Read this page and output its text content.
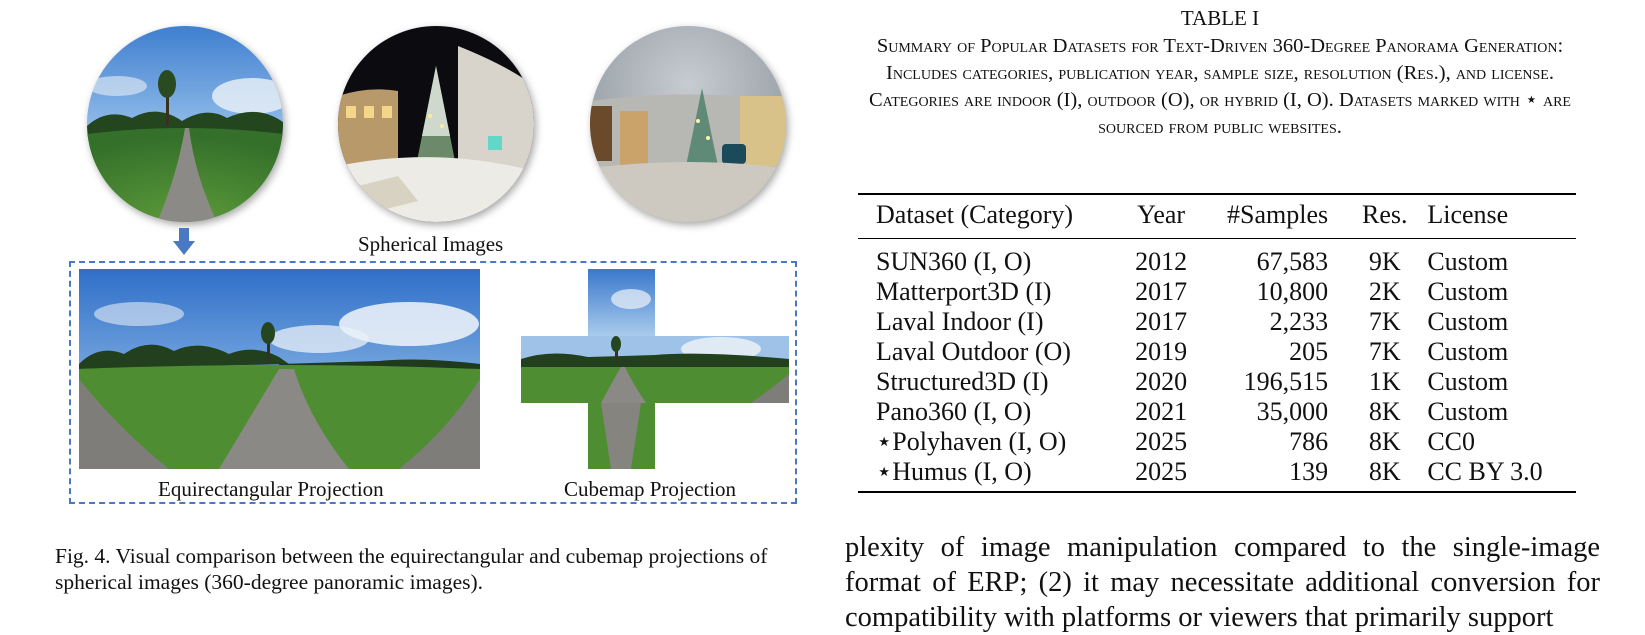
Spherical Images
Equirectangular Projection	Cubemap Projection
Fig. 4. Visual comparison between the equirectangular and cubemap projections of spherical images (360-degree panoramic images).
TABLE I
Summary of Popular Datasets for Text-Driven 360-Degree Panorama Generation: Includes categories, publication year, sample size, resolution (Res.), and license. Categories are indoor (I), outdoor (O), or hybrid (I, O). Datasets marked with ⋆ are sourced from public websites.
Dataset (Category)	Year	#Samples	Res.	License
SUN360 (I, O)	2012	67,583	9K	Custom
Matterport3D (I)	2017	10,800	2K	Custom
Laval Indoor (I)	2017	2,233	7K	Custom
Laval Outdoor (O)	2019	205	7K	Custom
Structured3D (I)	2020	196,515	1K	Custom
Pano360 (I, O)	2021	35,000	8K	Custom
⋆Polyhaven (I, O)	2025	786	8K	CC0
⋆Humus (I, O)	2025	139	8K	CC BY 3.0
plexity of image manipulation compared to the single-image format of ERP; (2) it may necessitate additional conversion for compatibility with platforms or viewers that primarily support
